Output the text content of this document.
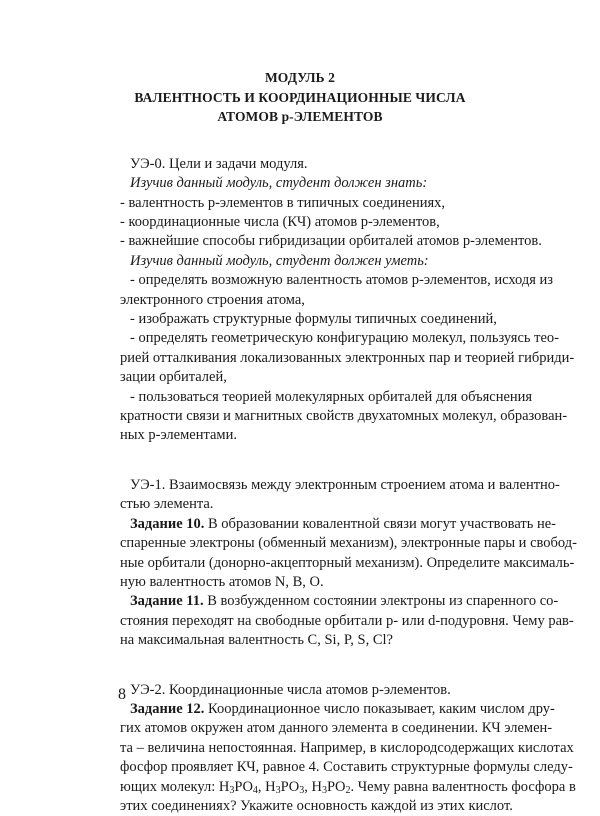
МОДУЛЬ 2
ВАЛЕНТНОСТЬ И КООРДИНАЦИОННЫЕ ЧИСЛА
АТОМОВ р-ЭЛЕМЕНТОВ
УЭ-0. Цели и задачи модуля.
Изучив данный модуль, студент должен знать:
- валентность р-элементов в типичных соединениях,
- координационные числа (КЧ) атомов р-элементов,
- важнейшие способы гибридизации орбиталей атомов р-элементов.
Изучив данный модуль, студент должен уметь:
- определять возможную валентность атомов р-элементов, исходя из
электронного строения атома,
- изображать структурные формулы типичных соединений,
- определять геометрическую конфигурацию молекул, пользуясь тео-
рией отталкивания локализованных электронных пар и теорией гибриди-
зации орбиталей,
- пользоваться теорией молекулярных орбиталей для объяснения
кратности связи и магнитных свойств двухатомных молекул, образован-
ных р-элементами.
УЭ-1. Взаимосвязь между электронным строением атома и валентно-
стью элемента.
Задание 10. В образовании ковалентной связи могут участвовать не-
спаренные электроны (обменный механизм), электронные пары и свобод-
ные орбитали (донорно-акцепторный механизм). Определите максималь-
ную валентность атомов N, B, O.
Задание 11. В возбужденном состоянии электроны из спаренного со-
стояния переходят на свободные орбитали р- или d-подуровня. Чему рав-
на максимальная валентность C, Si, P, S, Cl?
УЭ-2. Координационные числа атомов р-элементов.
Задание 12. Координационное число показывает, каким числом дру-
гих атомов окружен атом данного элемента в соединении. КЧ элемен-
та – величина непостоянная. Например, в кислородсодержащих кислотах
фосфор проявляет КЧ, равное 4. Составить структурные формулы следу-
ющих молекул: $H_3PO_4$, $H_3PO_3$, $H_3PO_2$. Чему равна валентность фосфора в
этих соединениях? Укажите основность каждой из этих кислот.
8
